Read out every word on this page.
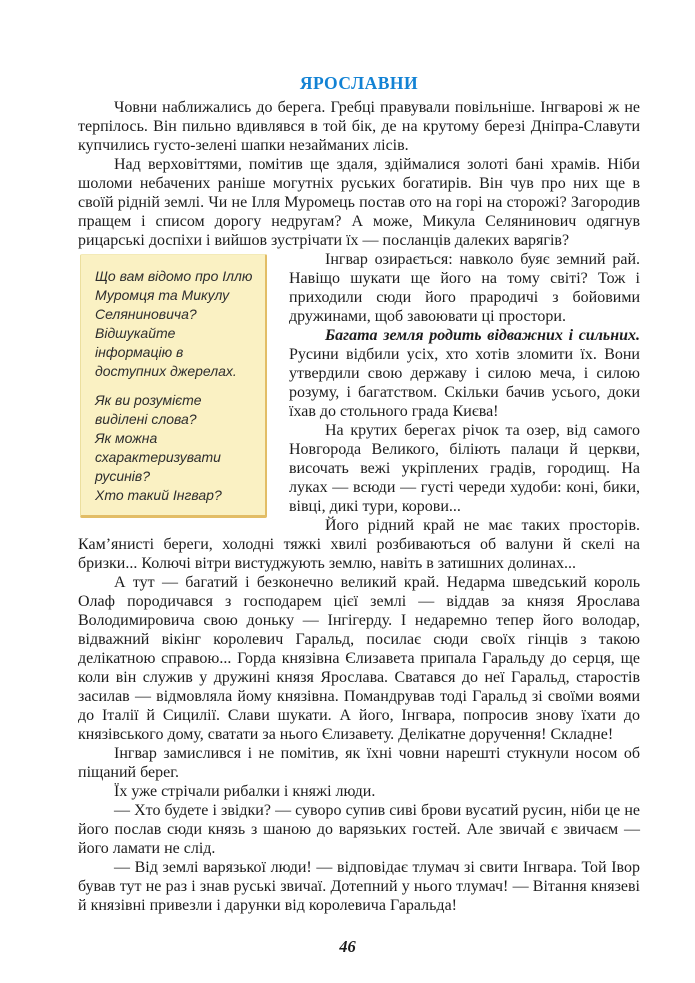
ЯРОСЛАВНИ

Човни наближались до берега. Гребці правували повільніше. Інгварові ж не терпілось. Він пильно вдивлявся в той бік, де на крутому березі Дніпра-Славути купчились густо-зелені шапки незайманих лісів.

Над верховіттями, помітив ще здаля, здіймалися золоті бані храмів. Ніби шоломи небачених раніше могутніх руських богатирів. Він чув про них ще в своїй рідній землі. Чи не Ілля Муромець постав ото на горі на сторожі? Загородив пращем і списом дорогу недругам? А може, Микула Селянинович одягнув рицарські доспіхи і вийшов зустрічати їх — посланців далеких варягів?

Що вам відомо про Іллю Муромця та Микулу Селяниновича? Відшукайте інформацію в доступних джерелах.

Як ви розумієте виділені слова?

Як можна схарактеризувати русинів?

Хто такий Інгвар?

Інгвар озирається: навколо буяє земний рай. Навіщо шукати ще його на тому світі? Тож і приходили сюди його прародичі з бойовими дружинами, щоб завоювати ці простори.

Багата земля родить відважних і сильних. Русини відбили усіх, хто хотів зломити їх. Вони утвердили свою державу і силою меча, і силою розуму, і багатством. Скільки бачив усього, доки їхав до стольного града Києва!

На крутих берегах річок та озер, від самого Новгорода Великого, біліють палаци й церкви, височать вежі укріплених градів, городищ. На луках — всюди — густі череди худоби: коні, бики, вівці, дикі тури, корови...

Його рідний край не має таких просторів. Кам’янисті береги, холодні тяжкі хвилі розбиваються об валуни й скелі на бризки... Колючі вітри вистуджують землю, навіть в затишних долинах...

А тут — багатий і безконечно великий край. Недарма шведський король Олаф породичався з господарем цієї землі — віддав за князя Ярослава Володимировича свою доньку — Інгігерду. І недаремно тепер його володар, відважний вікінг королевич Гаральд, посилає сюди своїх гінців з такою делікатною справою... Горда князівна Єлизавета припала Гаральду до серця, ще коли він служив у дружині князя Ярослава. Сватався до неї Гаральд, старостів засилав — відмовляла йому князівна. Помандрував тоді Гаральд зі своїми воями до Італії й Сицилії. Слави шукати. А його, Інгвара, попросив знову їхати до князівського дому, сватати за нього Єлизавету. Делікатне доручення! Складне!

Інгвар замислився і не помітив, як їхні човни нарешті стукнули носом об піщаний берег.

Їх уже стрічали рибалки і княжі люди.

— Хто будете і звідки? — суворо супив сиві брови вусатий русин, ніби це не його послав сюди князь з шаною до варязьких гостей. Але звичай є звичаєм — його ламати не слід.

— Від землі варязької люди! — відповідає тлумач зі свити Інгвара. Той Івор бував тут не раз і знав руські звичаї. Дотепний у нього тлумач! — Вітання князеві й князівні привезли і дарунки від королевича Гаральда!

46
